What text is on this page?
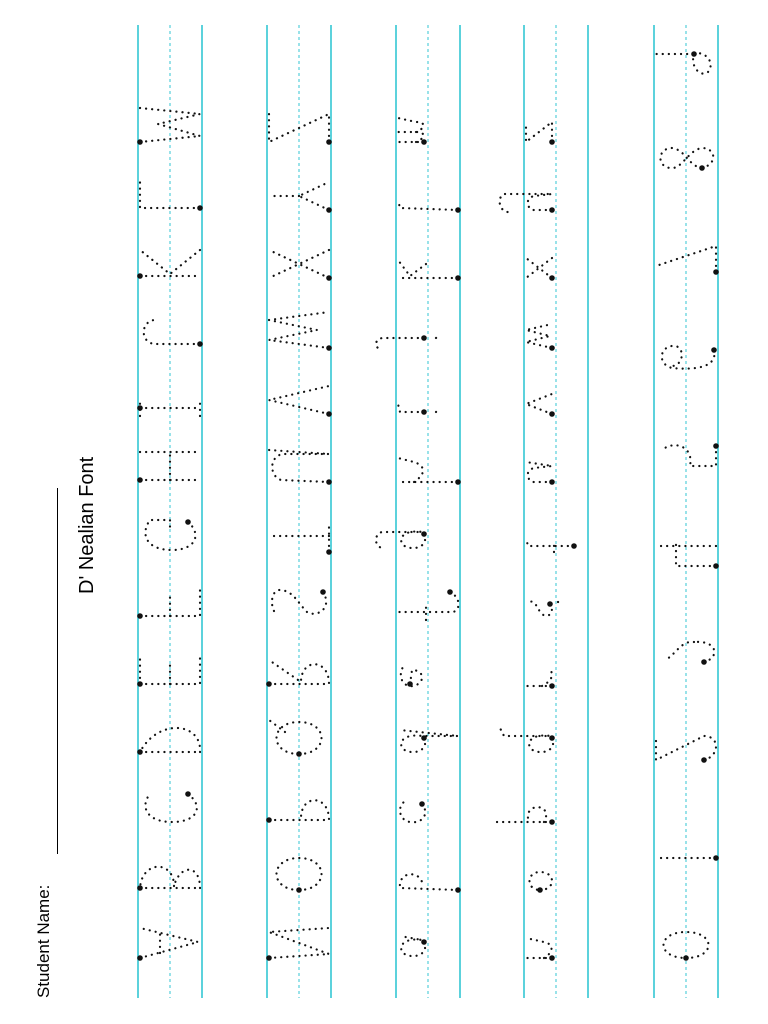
Student Name:
D' Nealian Font
